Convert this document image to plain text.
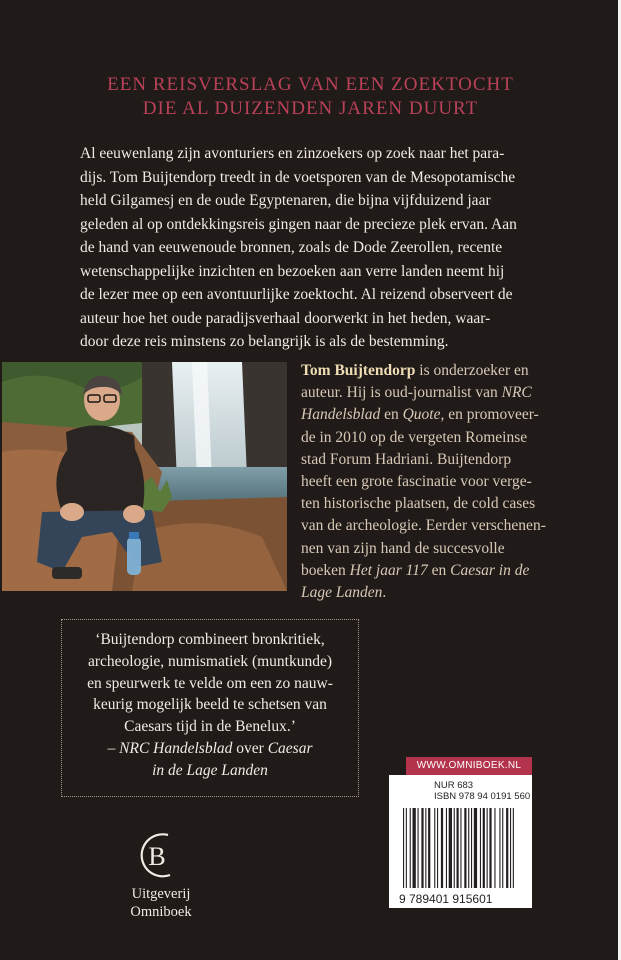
EEN REISVERSLAG VAN EEN ZOEKTOCHT
DIE AL DUIZENDEN JAREN DUURT
Al eeuwenlang zijn avonturiers en zinzoekers op zoek naar het para-
dijs. Tom Buijtendorp treedt in de voetsporen van de Mesopotamische
held Gilgamesj en de oude Egyptenaren, die bijna vijfduizend jaar
geleden al op ontdekkingsreis gingen naar de precieze plek ervan. Aan
de hand van eeuwenoude bronnen, zoals de Dode Zeerollen, recente
wetenschappelijke inzichten en bezoeken aan verre landen neemt hij
de lezer mee op een avontuurlijke zoektocht. Al reizend observeert de
auteur hoe het oude paradijsverhaal doorwerkt in het heden, waar-
door deze reis minstens zo belangrijk is als de bestemming.
Tom Buijtendorp is onderzoeker en
auteur. Hij is oud-journalist van NRC
Handelsblad en Quote, en promoveer-
de in 2010 op de vergeten Romeinse
stad Forum Hadriani. Buijtendorp
heeft een grote fascinatie voor verge-
ten historische plaatsen, de cold cases
van de archeologie. Eerder verschenen-
nen van zijn hand de succesvolle
boeken Het jaar 117 en Caesar in de
Lage Landen.
‘Buijtendorp combineert bronkritiek,
archeologie, numismatiek (muntkunde)
en speurwerk te velde om een zo nauw-
keurig mogelijk beeld te schetsen van
Caesars tijd in de Benelux.’
– NRC Handelsblad over Caesar
in de Lage Landen
B
Uitgeverij Omniboek
WWW.OMNIBOEK.NL
NUR 683
ISBN 978 94 0191 560 1
9 789401 915601
